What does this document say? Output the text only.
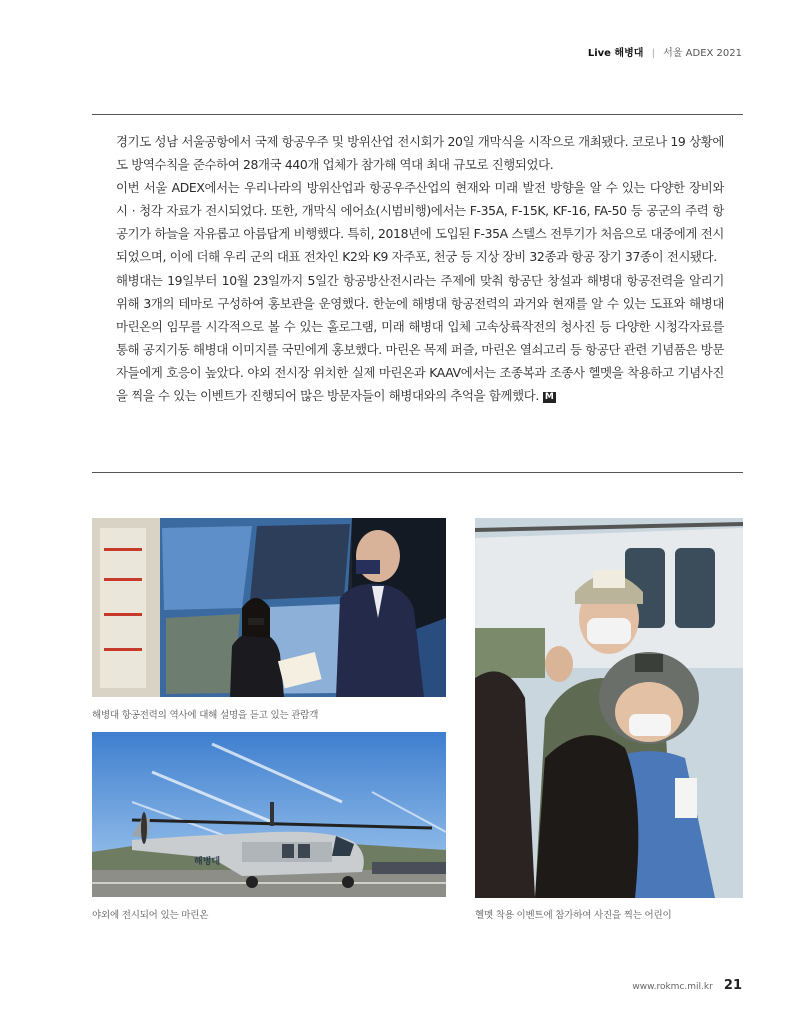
Live 해병대 | 서울 ADEX 2021

경기도 성남 서울공항에서 국제 항공우주 및 방위산업 전시회가 20일 개막식을 시작으로 개최됐다. 코로나 19 상황에도 방역수칙을 준수하여 28개국 440개 업체가 참가해 역대 최대 규모로 진행되었다.

이번 서울 ADEX에서는 우리나라의 방위산업과 항공우주산업의 현재와 미래 발전 방향을 알 수 있는 다양한 장비와 시 · 청각 자료가 전시되었다. 또한, 개막식 에어쇼(시범비행)에서는 F-35A, F-15K, KF-16, FA-50 등 공군의 주력 항공기가 하늘을 자유롭고 아름답게 비행했다. 특히, 2018년에 도입된 F-35A 스텔스 전투기가 처음으로 대중에게 전시되었으며, 이에 더해 우리 군의 대표 전차인 K2와 K9 자주포, 천궁 등 지상 장비 32종과 항공 장기 37종이 전시됐다.

해병대는 19일부터 10월 23일까지 5일간 항공방산전시라는 주제에 맞춰 항공단 창설과 해병대 항공전력을 알리기 위해 3개의 테마로 구성하여 홍보관을 운영했다. 한눈에 해병대 항공전력의 과거와 현재를 알 수 있는 도표와 해병대 마린온의 임무를 시각적으로 볼 수 있는 홀로그램, 미래 해병대 입체 고속상륙작전의 청사진 등 다양한 시청각자료를 통해 공지기동 해병대 이미지를 국민에게 홍보했다. 마린온 목제 퍼즐, 마린온 열쇠고리 등 항공단 관련 기념품은 방문자들에게 호응이 높았다. 야외 전시장 위치한 실제 마린온과 KAAV에서는 조종복과 조종사 헬멧을 착용하고 기념사진을 찍을 수 있는 이벤트가 진행되어 많은 방문자들이 해병대와의 추억을 함께했다. M

해병대 항공전력의 역사에 대해 설명을 듣고 있는 관람객
해병대
야외에 전시되어 있는 마린온	헬멧 착용 이벤트에 참가하여 사진을 찍는 어린이
www.rokmc.mil.kr 21
